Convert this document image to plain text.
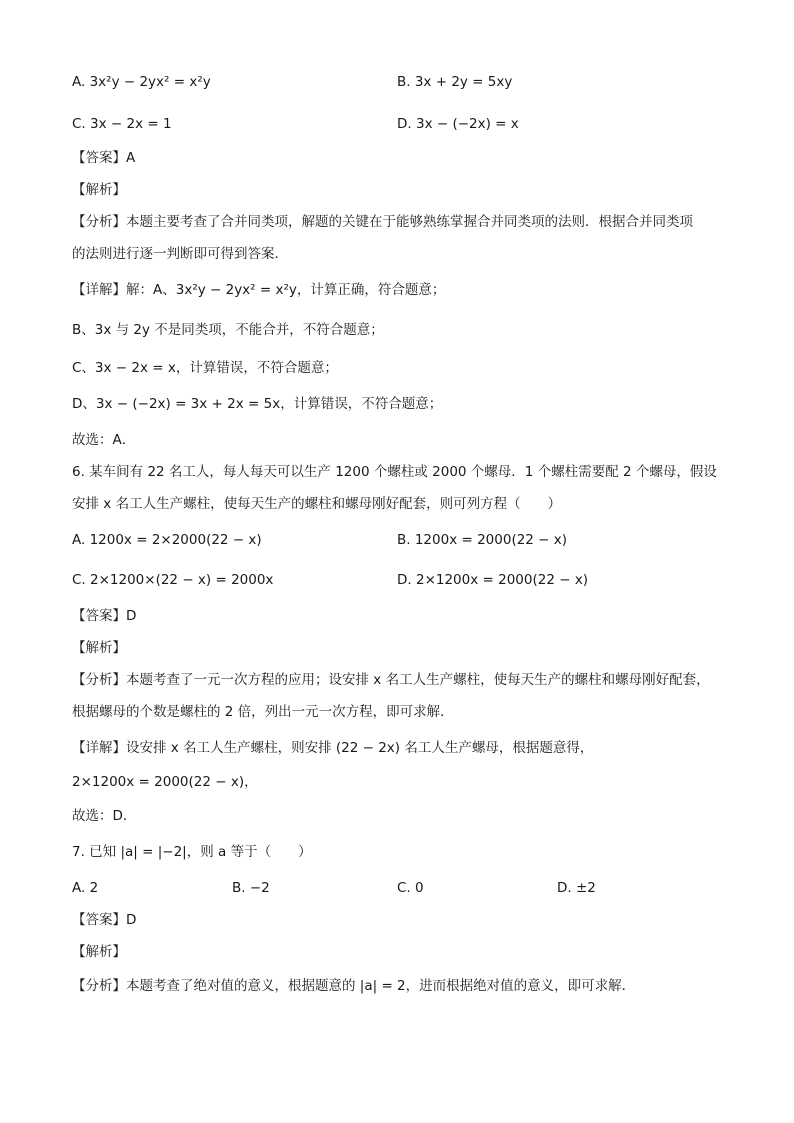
A. 3x²y − 2yx² = x²y	B. 3x + 2y = 5xy
C. 3x − 2x = 1	D. 3x − (−2x) = x
【答案】A
【解析】
【分析】本题主要考查了合并同类项，解题的关键在于能够熟练掌握合并同类项的法则．根据合并同类项
的法则进行逐一判断即可得到答案．
【详解】解：A、3x²y − 2yx² = x²y，计算正确，符合题意；
B、3x 与 2y 不是同类项，不能合并，不符合题意；
C、3x − 2x = x，计算错误，不符合题意；
D、3x − (−2x) = 3x + 2x = 5x，计算错误，不符合题意；
故选：A．
6. 某车间有 22 名工人，每人每天可以生产 1200 个螺柱或 2000 个螺母．1 个螺柱需要配 2 个螺母，假设
安排 x 名工人生产螺柱，使每天生产的螺柱和螺母刚好配套，则可列方程（　　）
A. 1200x = 2×2000(22 − x)	B. 1200x = 2000(22 − x)
C. 2×1200×(22 − x) = 2000x	D. 2×1200x = 2000(22 − x)
【答案】D
【解析】
【分析】本题考查了一元一次方程的应用；设安排 x 名工人生产螺柱，使每天生产的螺柱和螺母刚好配套，
根据螺母的个数是螺柱的 2 倍，列出一元一次方程，即可求解．
【详解】设安排 x 名工人生产螺柱，则安排 (22 − 2x) 名工人生产螺母，根据题意得，
2×1200x = 2000(22 − x)，
故选：D．
7. 已知 |a| = |−2|，则 a 等于（　　）
A. 2	B. −2	C. 0	D. ±2
【答案】D
【解析】
【分析】本题考查了绝对值的意义，根据题意的 |a| = 2，进而根据绝对值的意义，即可求解．
